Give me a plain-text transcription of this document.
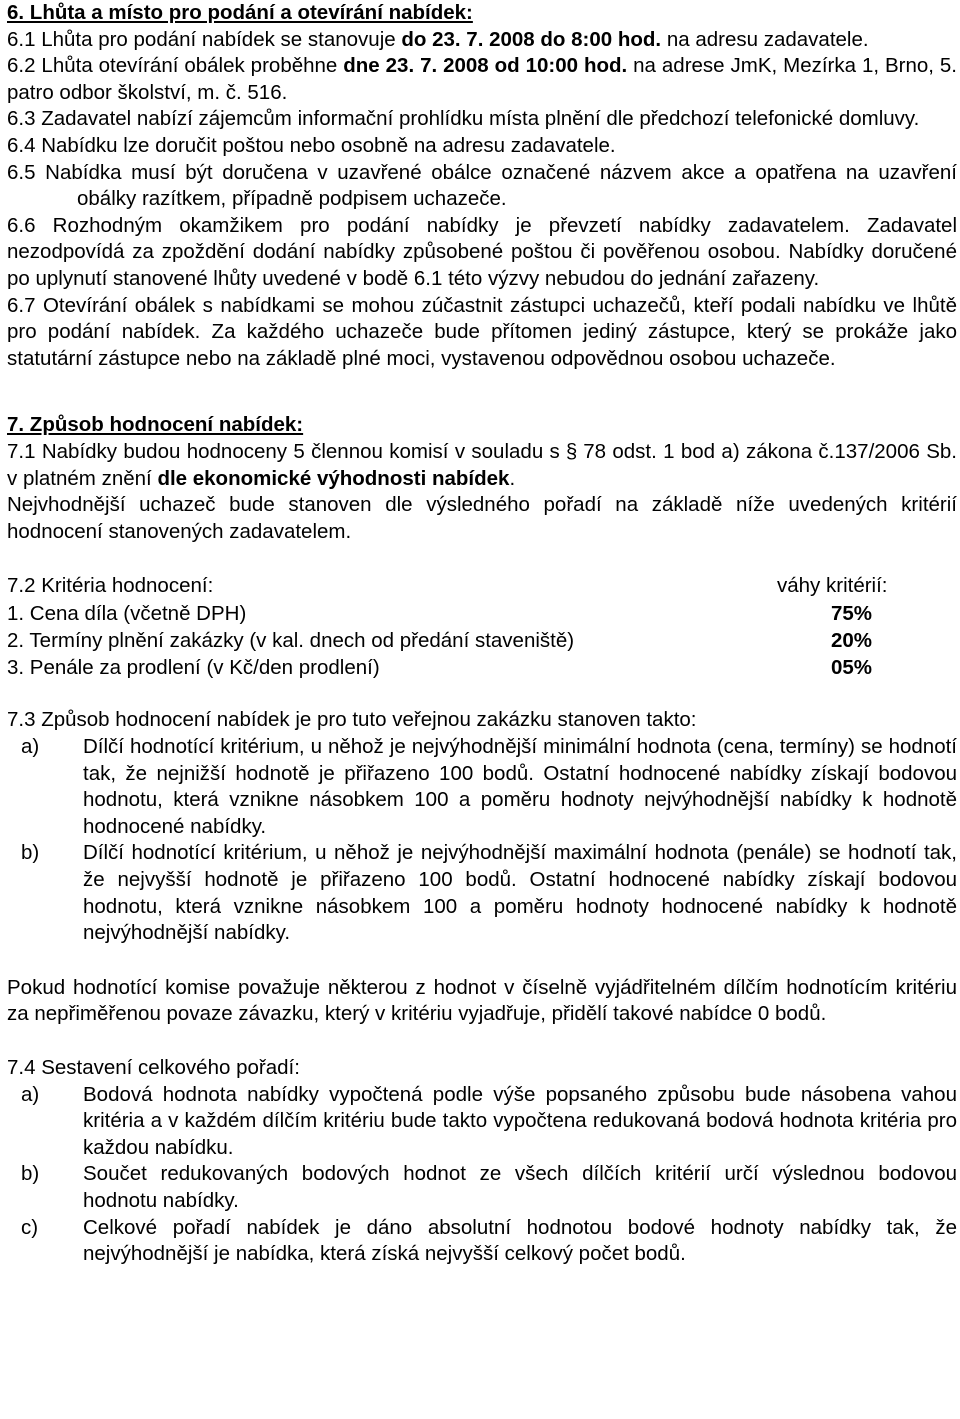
6. Lhůta a místo pro podání a otevírání nabídek:

6.1 Lhůta pro podání nabídek se stanovuje do 23. 7. 2008 do 8:00 hod. na adresu zadavatele.

6.2 Lhůta otevírání obálek proběhne dne 23. 7. 2008 od 10:00 hod. na adrese JmK, Mezírka 1, Brno, 5. patro odbor školství, m. č. 516.

6.3 Zadavatel nabízí zájemcům informační prohlídku místa plnění dle předchozí telefonické domluvy.

6.4 Nabídku lze doručit poštou nebo osobně na adresu zadavatele.

6.5 Nabídka musí být doručena v uzavřené obálce označené názvem akce a opatřena na uzavření obálky razítkem, případně podpisem uchazeče.

6.6 Rozhodným okamžikem pro podání nabídky je převzetí nabídky zadavatelem. Zadavatel nezodpovídá za zpoždění dodání nabídky způsobené poštou či pověřenou osobou. Nabídky doručené po uplynutí stanovené lhůty uvedené v bodě 6.1 této výzvy nebudou do jednání zařazeny.

6.7 Otevírání obálek s nabídkami se mohou zúčastnit zástupci uchazečů, kteří podali nabídku ve lhůtě pro podání nabídek. Za každého uchazeče bude přítomen jediný zástupce, který se prokáže jako statutární zástupce nebo na základě plné moci, vystavenou odpovědnou osobou uchazeče.

7. Způsob hodnocení nabídek:

7.1 Nabídky budou hodnoceny 5 člennou komisí v souladu s § 78 odst. 1 bod a) zákona č.137/2006 Sb. v platném znění dle ekonomické výhodnosti nabídek.

Nejvhodnější uchazeč bude stanoven dle výsledného pořadí na základě níže uvedených kritérií hodnocení stanovených zadavatelem.

7.2 Kritéria hodnocení:	váhy kritérií:
1. Cena díla (včetně DPH)	75%
2. Termíny plnění zakázky (v kal. dnech od předání staveniště)	20%
3. Penále za prodlení (v Kč/den prodlení)	05%

7.3 Způsob hodnocení nabídek je pro tuto veřejnou zakázku stanoven takto:

a)	Dílčí hodnotící kritérium, u něhož je nejvýhodnější minimální hodnota (cena, termíny) se hodnotí tak, že nejnižší hodnotě je přiřazeno 100 bodů. Ostatní hodnocené nabídky získají bodovou hodnotu, která vznikne násobkem 100 a poměru hodnoty nejvýhodnější nabídky k hodnotě hodnocené nabídky.
b)	Dílčí hodnotící kritérium, u něhož je nejvýhodnější maximální hodnota (penále) se hodnotí tak, že nejvyšší hodnotě je přiřazeno 100 bodů. Ostatní hodnocené nabídky získají bodovou hodnotu, která vznikne násobkem 100 a poměru hodnoty hodnocené nabídky k hodnotě nejvýhodnější nabídky.

Pokud hodnotící komise považuje některou z hodnot v číselně vyjádřitelném dílčím hodnotícím kritériu za nepřiměřenou povaze závazku, který v kritériu vyjadřuje, přidělí takové nabídce 0 bodů.

7.4 Sestavení celkového pořadí:

a)	Bodová hodnota nabídky vypočtená podle výše popsaného způsobu bude násobena vahou kritéria a v každém dílčím kritériu bude takto vypočtena redukovaná bodová hodnota kritéria pro každou nabídku.
b)	Součet redukovaných bodových hodnot ze všech dílčích kritérií určí výslednou bodovou hodnotu nabídky.
c)	Celkové pořadí nabídek je dáno absolutní hodnotou bodové hodnoty nabídky tak, že nejvýhodnější je nabídka, která získá nejvyšší celkový počet bodů.
